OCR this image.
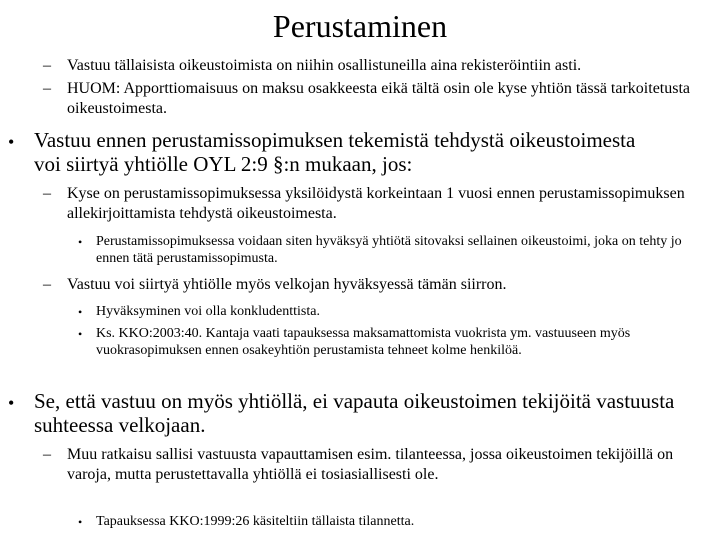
Perustaminen
– Vastuu tällaisista oikeustoimista on niihin osallistuneilla aina rekisteröintiin asti.
– HUOM: Apporttiomaisuus on maksu osakkeesta eikä tältä osin ole kyse yhtiön tässä tarkoitetusta oikeustoimesta.
• Vastuu ennen perustamissopimuksen tekemistä tehdystä oikeustoimesta voi siirtyä yhtiölle OYL 2:9 §:n mukaan, jos:
– Kyse on perustamissopimuksessa yksilöidystä korkeintaan 1 vuosi ennen perustamissopimuksen allekirjoittamista tehdystä oikeustoimesta.
• Perustamissopimuksessa voidaan siten hyväksyä yhtiötä sitovaksi sellainen oikeustoimi, joka on tehty jo ennen tätä perustamissopimusta.
– Vastuu voi siirtyä yhtiölle myös velkojan hyväksyessä tämän siirron.
• Hyväksyminen voi olla konkludenttista.
• Ks. KKO:2003:40. Kantaja vaati tapauksessa maksamattomista vuokrista ym. vastuuseen myös vuokrasopimuksen ennen osakeyhtiön perustamista tehneet kolme henkilöä.
• Se, että vastuu on myös yhtiöllä, ei vapauta oikeustoimen tekijöitä vastuusta suhteessa velkojaan.
– Muu ratkaisu sallisi vastuusta vapauttamisen esim. tilanteessa, jossa oikeustoimen tekijöillä on varoja, mutta perustettavalla yhtiöllä ei tosiasiallisesti ole.
• Tapauksessa KKO:1999:26 käsiteltiin tällaista tilannetta.
